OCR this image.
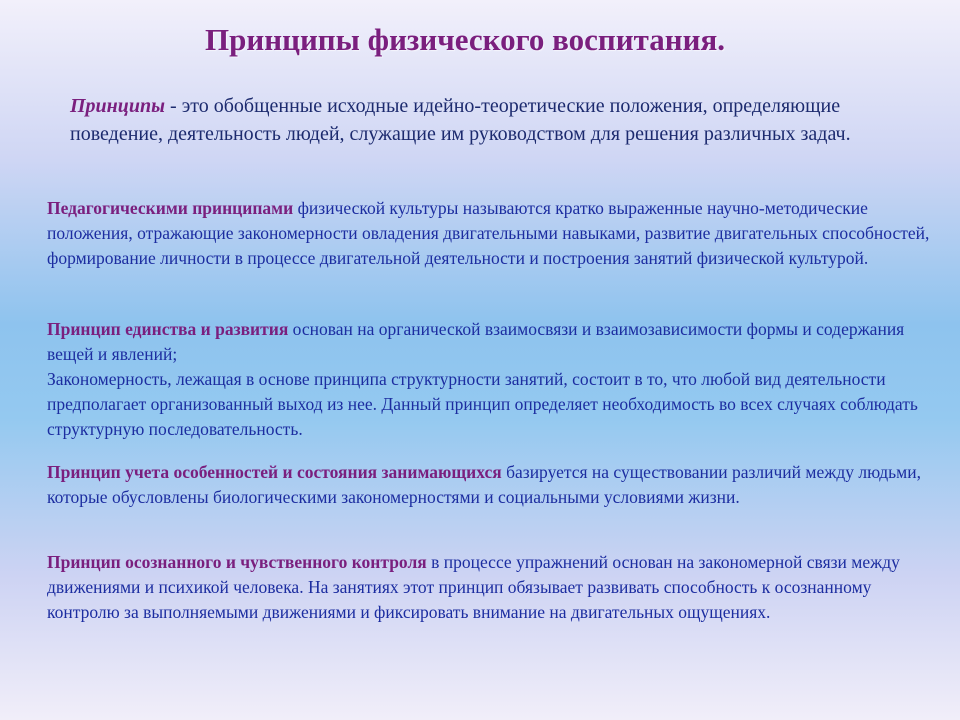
Принципы физического воспитания.

Принципы - это обобщенные исходные идейно-теоретические положения, определяющие поведение, деятельность людей, служащие им руководством для решения различных задач.

Педагогическими принципами физической культуры называются кратко выраженные научно-методические положения, отражающие закономерности овладения двигательными навыками, развитие двигательных способностей, формирование личности в процессе двигательной деятельности и построения занятий физической культурой.

Принцип единства и развития основан на органической взаимосвязи и взаимозависимости формы и содержания вещей и явлений;
Закономерность, лежащая в основе принципа структурности занятий, состоит в то, что любой вид деятельности предполагает организованный выход из нее. Данный принцип определяет необходимость во всех случаях соблюдать структурную последовательность.

Принцип учета особенностей и состояния занимающихся базируется на существовании различий между людьми, которые обусловлены биологическими закономерностями и социальными условиями жизни.

Принцип осознанного и чувственного контроля в процессе упражнений основан на закономерной связи между движениями и психикой человека. На занятиях этот принцип обязывает развивать способность к осознанному контролю за выполняемыми движениями и фиксировать внимание на двигательных ощущениях.
